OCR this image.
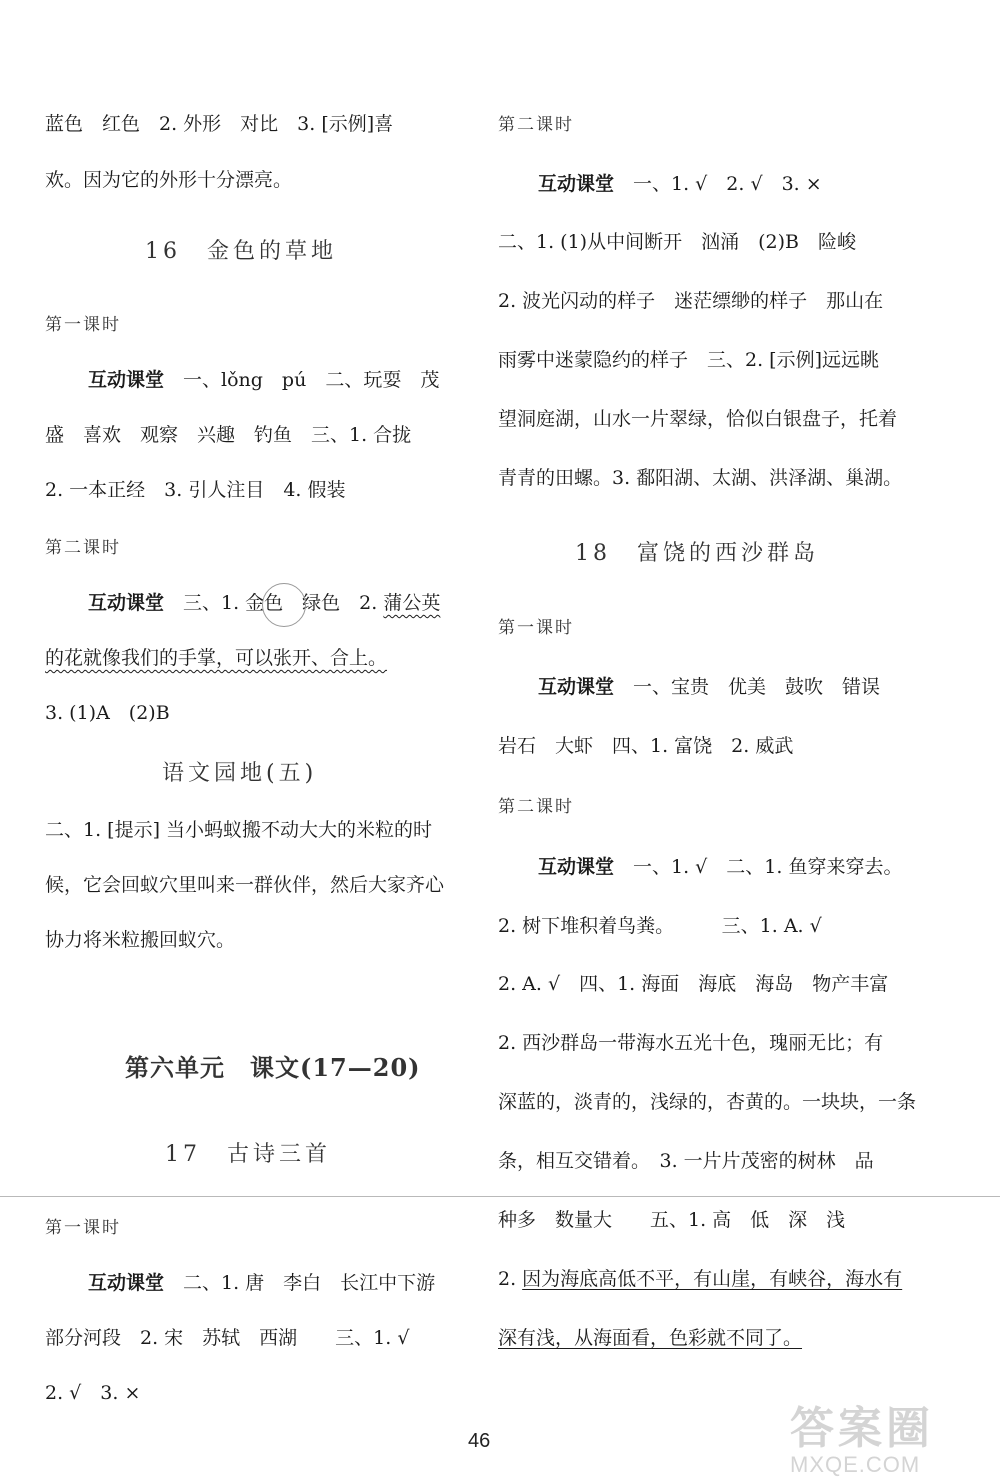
蓝色　红色　2. 外形　对比　3. [示例]喜
欢。因为它的外形十分漂亮。
16　金色的草地
第一课时
互动课堂　一、lǒng　pú　二、玩耍　茂
盛　喜欢　观察　兴趣　钓鱼　三、1. 合拢
2. 一本正经　3. 引人注目　4. 假装
第二课时
互动课堂　三、1. 金色　绿色　2. 蒲公英
的花就像我们的手掌，可以张开、合上。
3. (1)A　(2)B
语文园地(五)
二、1. [提示] 当小蚂蚁搬不动大大的米粒的时
候，它会回蚁穴里叫来一群伙伴，然后大家齐心
协力将米粒搬回蚁穴。
第六单元　课文(17—20)
17　古诗三首
第一课时
互动课堂　二、1. 唐　李白　长江中下游
部分河段　2. 宋　苏轼　西湖　　三、1. √
2. √　3. ×
第二课时
互动课堂　一、1. √　2. √　3. ×
二、1. (1)从中间断开　汹涌　(2)B　险峻
2. 波光闪动的样子　迷茫缥缈的样子　那山在
雨雾中迷蒙隐约的样子　三、2. [示例]远远眺
望洞庭湖，山水一片翠绿，恰似白银盘子，托着
青青的田螺。3. 鄱阳湖、太湖、洪泽湖、巢湖。
18　富饶的西沙群岛
第一课时
互动课堂　一、宝贵　优美　鼓吹　错误
岩石　大虾　四、1. 富饶　2. 威武
第二课时
互动课堂　一、1. √　二、1. 鱼穿来穿去。
2. 树下堆积着鸟粪。　　　三、1. A. √
2. A. √　四、1. 海面　海底　海岛　物产丰富
2. 西沙群岛一带海水五光十色，瑰丽无比；有
深蓝的，淡青的，浅绿的，杏黄的。一块块，一条
条，相互交错着。　3. 一片片茂密的树林　品
种多　数量大　　五、1. 高　低　深　浅
2. 因为海底高低不平，有山崖，有峡谷，海水有
深有浅，从海面看，色彩就不同了。
46	答案圈
MXQE.COM
